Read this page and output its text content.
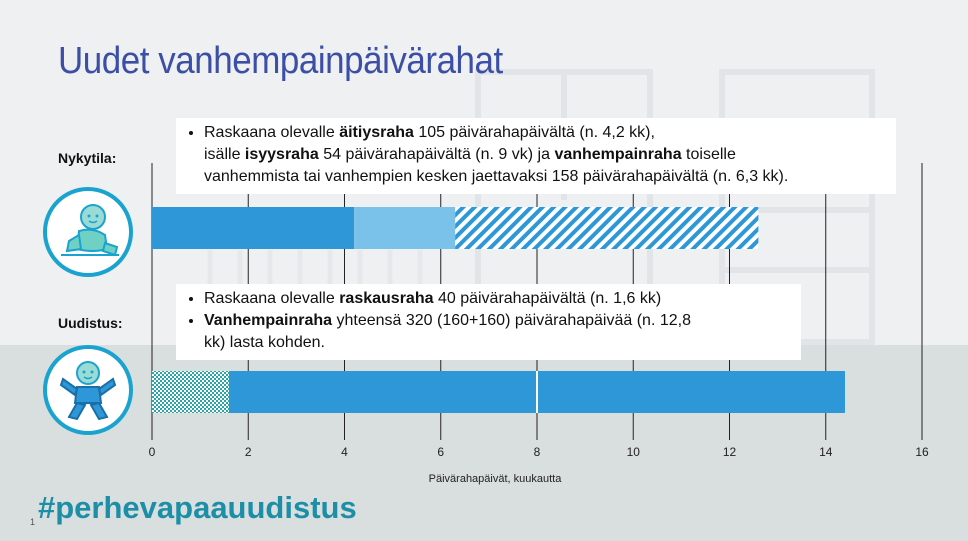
Uudet vanhempainpäivärahat
Nykytila:
Uudistus:
0	2	4	6	8	10	12	14	16
Päivärahapäivät, kuukautta
• Raskaana olevalle äitiysraha 105 päivärahapäivältä (n. 4,2 kk),
isälle isyysraha 54 päivärahapäivältä (n. 9 vk) ja vanhempainraha toiselle
vanhemmista tai vanhempien kesken jaettavaksi 158 päivärahapäivältä (n. 6,3 kk).
• Raskaana olevalle raskausraha 40 päivärahapäivältä (n. 1,6 kk)
• Vanhempainraha yhteensä 320 (160+160) päivärahapäivää (n. 12,8
kk) lasta kohden.
#perhevapaauudistus
1
